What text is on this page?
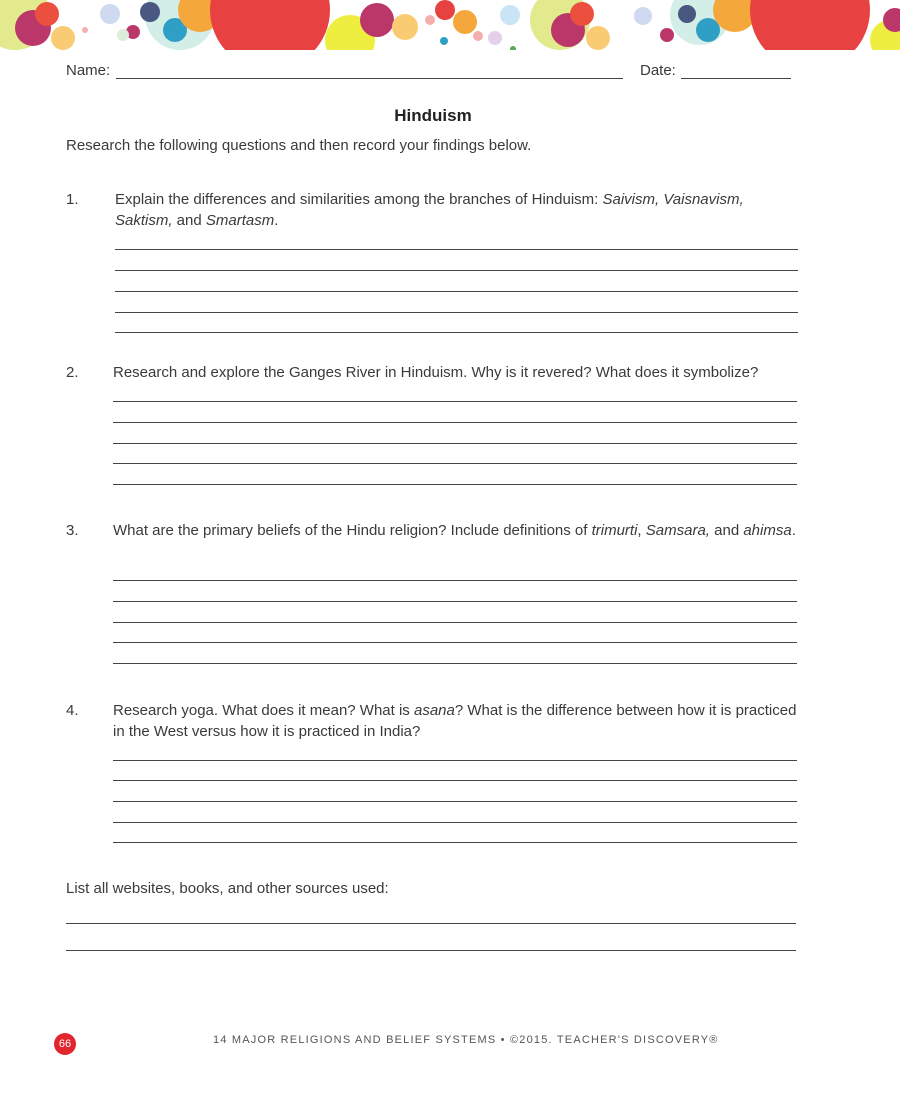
Name:	Date:
Hinduism
Research the following questions and then record your findings below.
1. Explain the differences and similarities among the branches of Hinduism: Saivism, Vaisnavism, Saktism, and Smartasm.
2. Research and explore the Ganges River in Hinduism. Why is it revered? What does it symbolize?
3. What are the primary beliefs of the Hindu religion? Include definitions of trimurti, Samsara, and ahimsa.
4. Research yoga. What does it mean? What is asana? What is the difference between how it is practiced in the West versus how it is practiced in India?
List all websites, books, and other sources used:
66	14 MAJOR RELIGIONS AND BELIEF SYSTEMS • ©2015. TEACHER'S DISCOVERY®
